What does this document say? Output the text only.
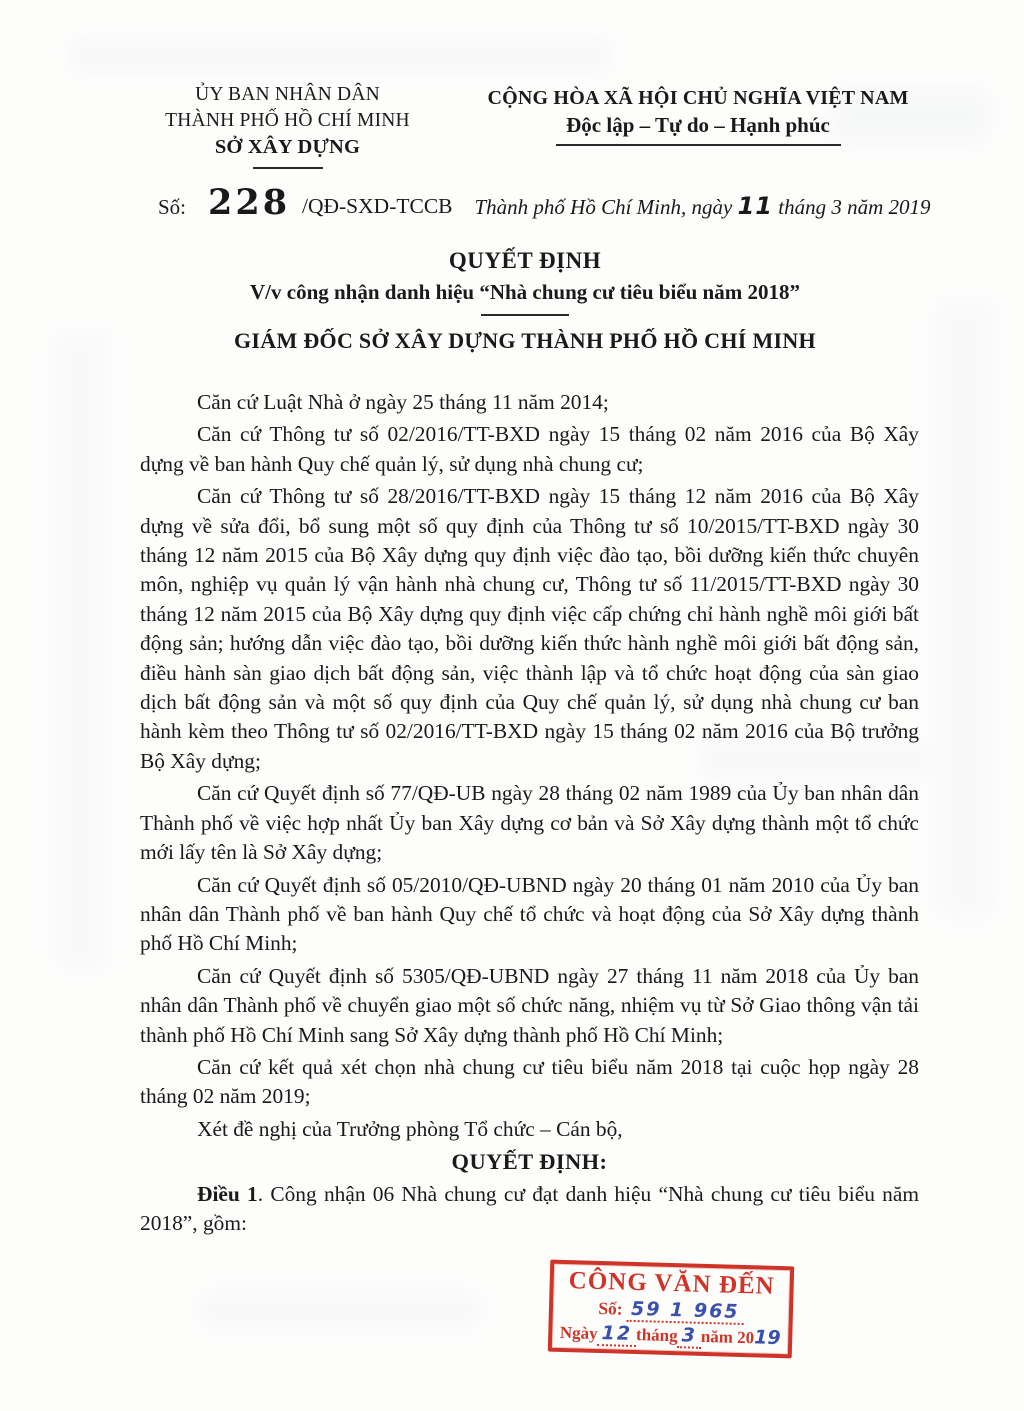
ỦY BAN NHÂN DÂN
THÀNH PHỐ HỒ CHÍ MINH
SỞ XÂY DỰNG
CỘNG HÒA XÃ HỘI CHỦ NGHĨA VIỆT NAM
Độc lập – Tự do – Hạnh phúc
Số: 228 /QĐ-SXD-TCCB	Thành phố Hồ Chí Minh, ngày 11 tháng 3 năm 2019
QUYẾT ĐỊNH
V/v công nhận danh hiệu “Nhà chung cư tiêu biểu năm 2018”
GIÁM ĐỐC SỞ XÂY DỰNG THÀNH PHỐ HỒ CHÍ MINH

Căn cứ Luật Nhà ở ngày 25 tháng 11 năm 2014;

Căn cứ Thông tư số 02/2016/TT-BXD ngày 15 tháng 02 năm 2016 của Bộ Xây dựng về ban hành Quy chế quản lý, sử dụng nhà chung cư;

Căn cứ Thông tư số 28/2016/TT-BXD ngày 15 tháng 12 năm 2016 của Bộ Xây dựng về sửa đổi, bổ sung một số quy định của Thông tư số 10/2015/TT-BXD ngày 30 tháng 12 năm 2015 của Bộ Xây dựng quy định việc đào tạo, bồi dưỡng kiến thức chuyên môn, nghiệp vụ quản lý vận hành nhà chung cư, Thông tư số 11/2015/TT-BXD ngày 30 tháng 12 năm 2015 của Bộ Xây dựng quy định việc cấp chứng chỉ hành nghề môi giới bất động sản; hướng dẫn việc đào tạo, bồi dưỡng kiến thức hành nghề môi giới bất động sản, điều hành sàn giao dịch bất động sản, việc thành lập và tổ chức hoạt động của sàn giao dịch bất động sản và một số quy định của Quy chế quản lý, sử dụng nhà chung cư ban hành kèm theo Thông tư số 02/2016/TT-BXD ngày 15 tháng 02 năm 2016 của Bộ trưởng Bộ Xây dựng;

Căn cứ Quyết định số 77/QĐ-UB ngày 28 tháng 02 năm 1989 của Ủy ban nhân dân Thành phố về việc hợp nhất Ủy ban Xây dựng cơ bản và Sở Xây dựng thành một tổ chức mới lấy tên là Sở Xây dựng;

Căn cứ Quyết định số 05/2010/QĐ-UBND ngày 20 tháng 01 năm 2010 của Ủy ban nhân dân Thành phố về ban hành Quy chế tổ chức và hoạt động của Sở Xây dựng thành phố Hồ Chí Minh;

Căn cứ Quyết định số 5305/QĐ-UBND ngày 27 tháng 11 năm 2018 của Ủy ban nhân dân Thành phố về chuyển giao một số chức năng, nhiệm vụ từ Sở Giao thông vận tải thành phố Hồ Chí Minh sang Sở Xây dựng thành phố Hồ Chí Minh;

Căn cứ kết quả xét chọn nhà chung cư tiêu biểu năm 2018 tại cuộc họp ngày 28 tháng 02 năm 2019;

Xét đề nghị của Trưởng phòng Tổ chức – Cán bộ,

QUYẾT ĐỊNH:

Điều 1. Công nhận 06 Nhà chung cư đạt danh hiệu “Nhà chung cư tiêu biểu năm 2018”, gồm:

CÔNG VĂN ĐẾN
Số: 59 1 965
Ngày 12 tháng 3 năm 2019
